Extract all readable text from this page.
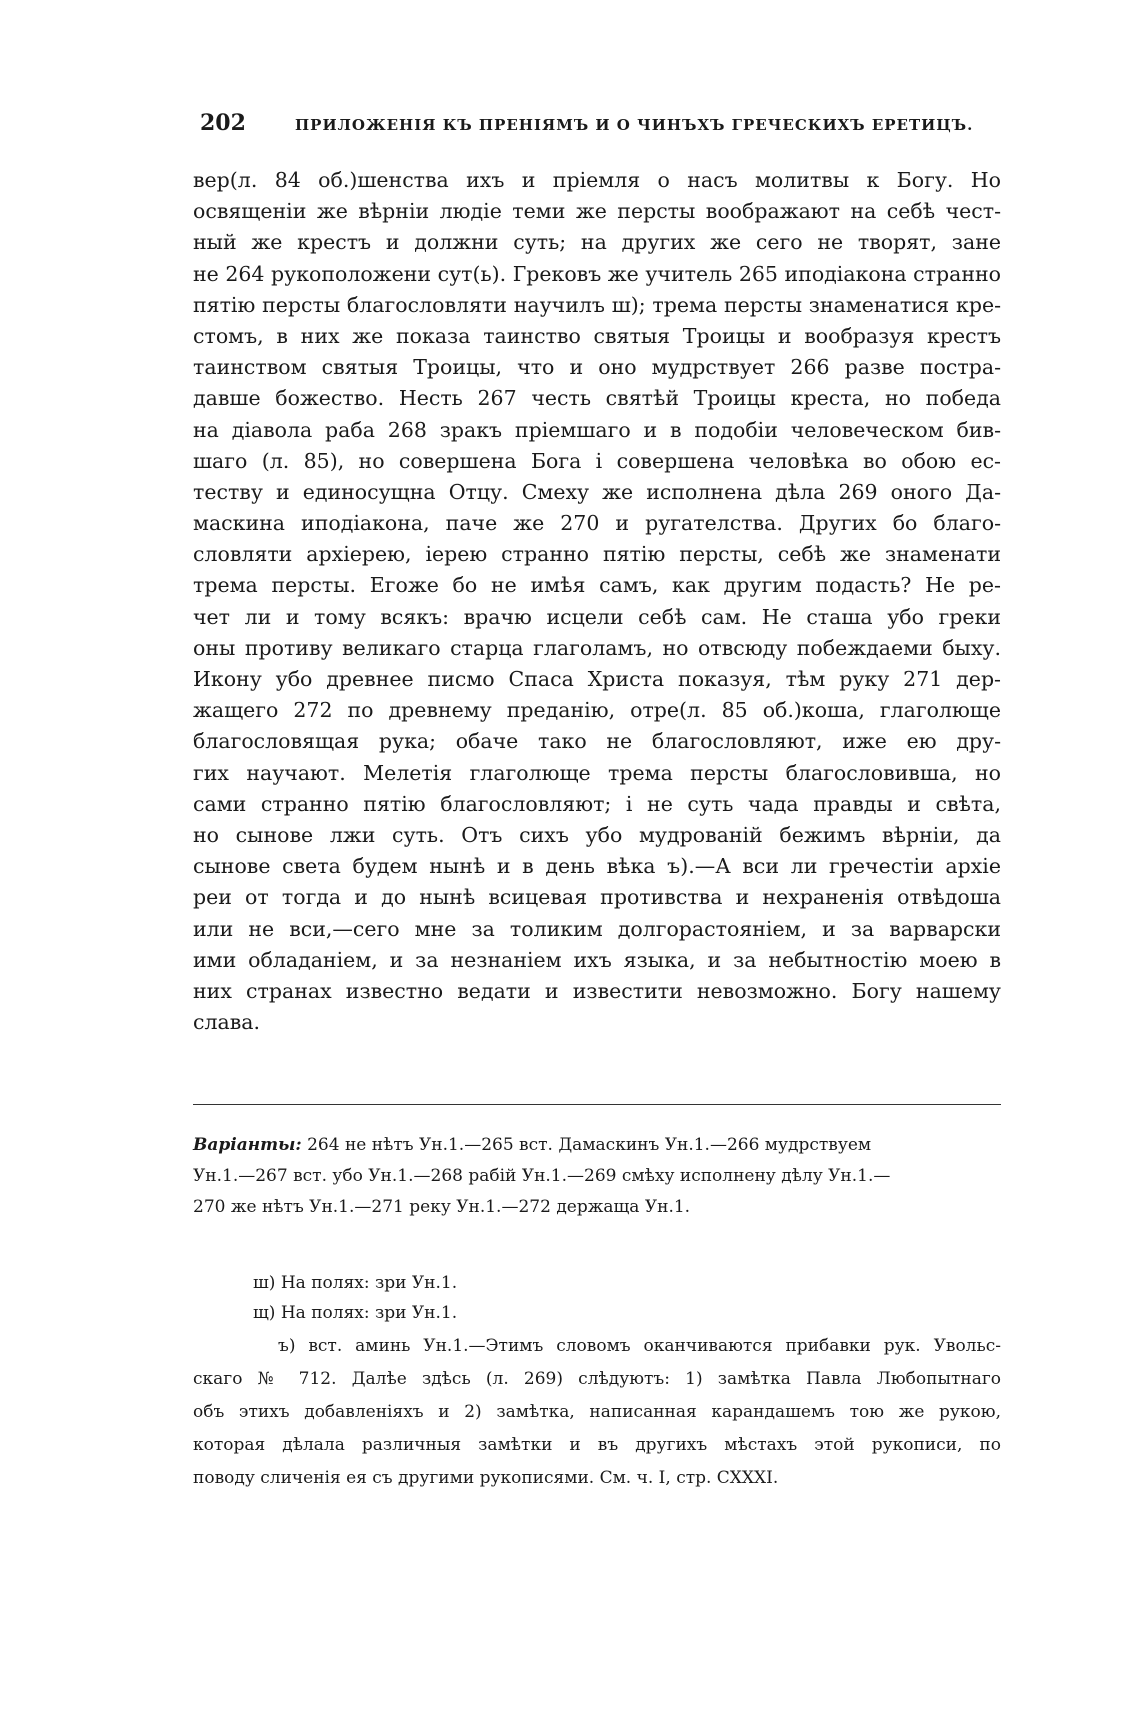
202	ПРИЛОЖЕНІЯ КЪ ПРЕНІЯМЪ И О ЧИНЪХЪ ГРЕЧЕСКИХЪ ЕРЕТИЦЪ.
вер(л. 84 об.)шенства ихъ и пріемля о насъ молитвы к Богу. Но
освященіи же вѣрніи людіе теми же персты воображают на себѣ чест-
ный же крестъ и должни суть; на других же сего не творят, зане
не 264 рукоположени сут(ь). Грековъ же учитель 265 иподіакона странно
пятію персты благословляти научилъ ш); трема персты знаменатися кре-
стомъ, в них же показа таинство святыя Троицы и вообразуя крестъ
таинством святыя Троицы, что и оно мудрствует 266 разве пострa-
давше божество. Несть 267 честь святѣй Троицы креста, но победа
на діавола раба 268 зракъ пріемшаго и в подобіи человеческом бив-
шаго (л. 85), но совершена Бога і совершена человѣка во обою ес-
теству и единосущна Отцу. Смеху же исполнена дѣла 269 оного Да-
маскина иподіакона, паче же 270 и ругателства. Других бо благо-
словляти архіерею, іерею странно пятію персты, себѣ же знаменати
трема персты. Егоже бо не имѣя самъ, как другим подасть? Не ре-
чет ли и тому всякъ: врачю исцели себѣ сам. Не сташа убо греки
оны противу великаго старца глаголамъ, но отвсюду побеждаеми быху.
Икону убо древнее писмо Спаса Христа показуя, тѣм руку 271 дер-
жащего 272 по древнему преданію, отре(л. 85 об.)коша, глаголюще
благословящая рука; обаче тако не благословляют, иже ею дру-
гих научают. Мелетія глаголюще трема персты благословивша, но
сами странно пятію благословляют; і не суть чада правды и свѣта,
но сынове лжи суть. Отъ сихъ убо мудрованій бежимъ вѣрніи, да
сынове света будем нынѣ и в день вѣка ъ).—А вси ли гречестіи архіе
реи от тогда и до нынѣ всицевая противства и нехраненія отвѣдоша
или не вси,—сего мне за толиким долгорастояніем, и за варварски
ими обладаніем, и за незнаніем ихъ языка, и за небытностію моею в
них странах известно ведати и известити невозможно. Богу нашему
слава.
Варіанты: 264 не нѣтъ Ун.1.—265 вст. Дамаскинъ Ун.1.—266 мудрствуем
Ун.1.—267 вст. убо Ун.1.—268 рабій Ун.1.—269 смѣху исполнену дѣлу Ун.1.—
270 же нѣтъ Ун.1.—271 реку Ун.1.—272 держаща Ун.1.
ш) На полях: зри Ун.1.
щ) На полях: зри Ун.1.
ъ) вст. аминь Ун.1.—Этимъ словомъ оканчиваются прибавки рук. Увольс-
скаго № 712. Далѣе здѣсь (л. 269) слѣдуютъ: 1) замѣтка Павла Любопытнаго
объ этихъ добавленіяхъ и 2) замѣтка, написанная карандашемъ тою же рукою,
которая дѣлала различныя замѣтки и въ другихъ мѣстахъ этой рукописи, по
поводу сличенія ея съ другими рукописями. См. ч. I, стр. CXXXI.
